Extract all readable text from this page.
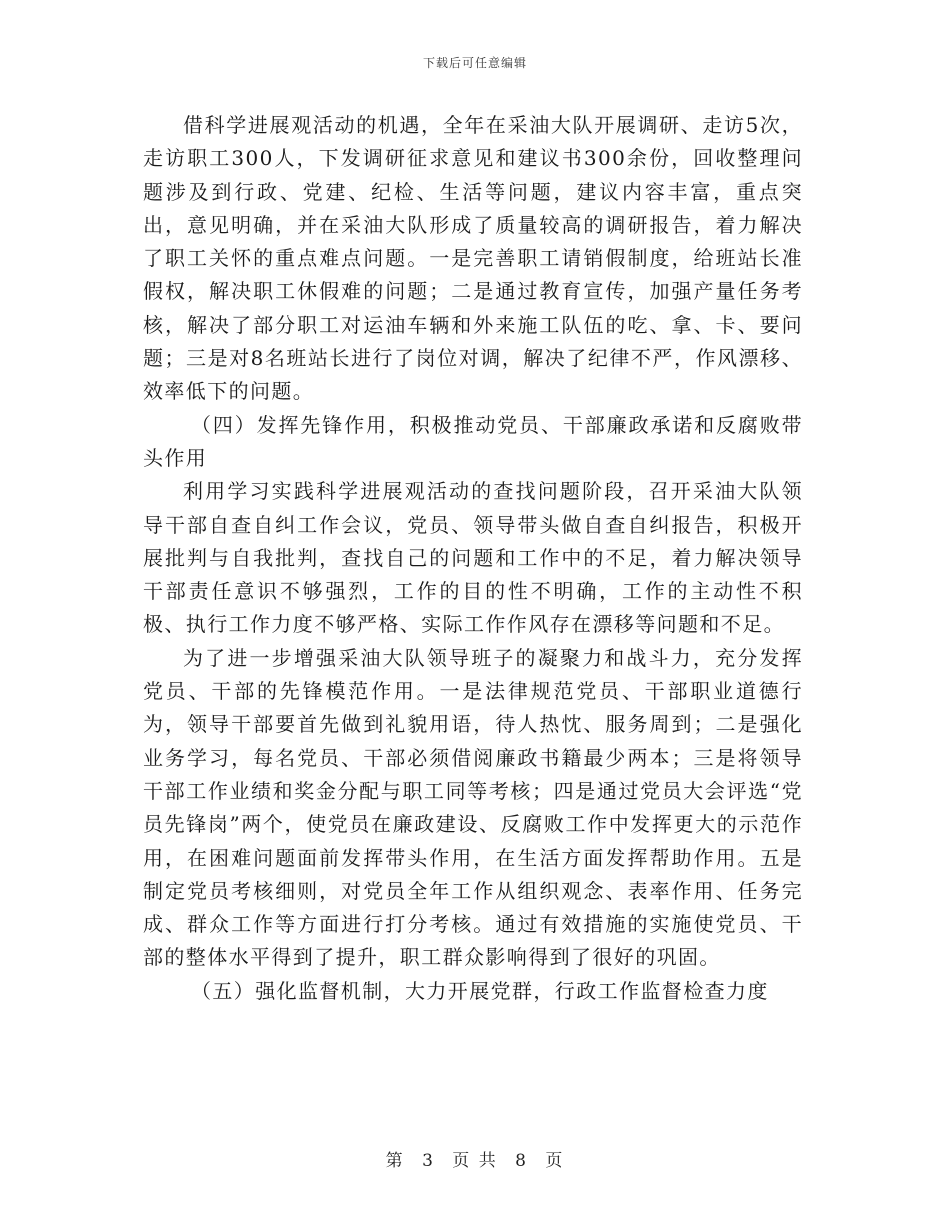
下载后可任意编辑

借科学进展观活动的机遇，全年在采油大队开展调研、走访5次，走访职工300人，下发调研征求意见和建议书300余份，回收整理问题涉及到行政、党建、纪检、生活等问题，建议内容丰富，重点突出，意见明确，并在采油大队形成了质量较高的调研报告，着力解决了职工关怀的重点难点问题。一是完善职工请销假制度，给班站长准假权，解决职工休假难的问题；二是通过教育宣传，加强产量任务考核，解决了部分职工对运油车辆和外来施工队伍的吃、拿、卡、要问题；三是对8名班站长进行了岗位对调，解决了纪律不严，作风漂移、效率低下的问题。

（四）发挥先锋作用，积极推动党员、干部廉政承诺和反腐败带头作用

利用学习实践科学进展观活动的查找问题阶段，召开采油大队领导干部自查自纠工作会议，党员、领导带头做自查自纠报告，积极开展批判与自我批判，查找自己的问题和工作中的不足，着力解决领导干部责任意识不够强烈，工作的目的性不明确，工作的主动性不积极、执行工作力度不够严格、实际工作作风存在漂移等问题和不足。

为了进一步增强采油大队领导班子的凝聚力和战斗力，充分发挥党员、干部的先锋模范作用。一是法律规范党员、干部职业道德行为，领导干部要首先做到礼貌用语，待人热忱、服务周到；二是强化业务学习，每名党员、干部必须借阅廉政书籍最少两本；三是将领导干部工作业绩和奖金分配与职工同等考核；四是通过党员大会评选“党员先锋岗”两个，使党员在廉政建设、反腐败工作中发挥更大的示范作用，在困难问题面前发挥带头作用，在生活方面发挥帮助作用。五是制定党员考核细则，对党员全年工作从组织观念、表率作用、任务完成、群众工作等方面进行打分考核。通过有效措施的实施使党员、干部的整体水平得到了提升，职工群众影响得到了很好的巩固。

（五）强化监督机制，大力开展党群，行政工作监督检查力度

第 3 页 共 8 页
